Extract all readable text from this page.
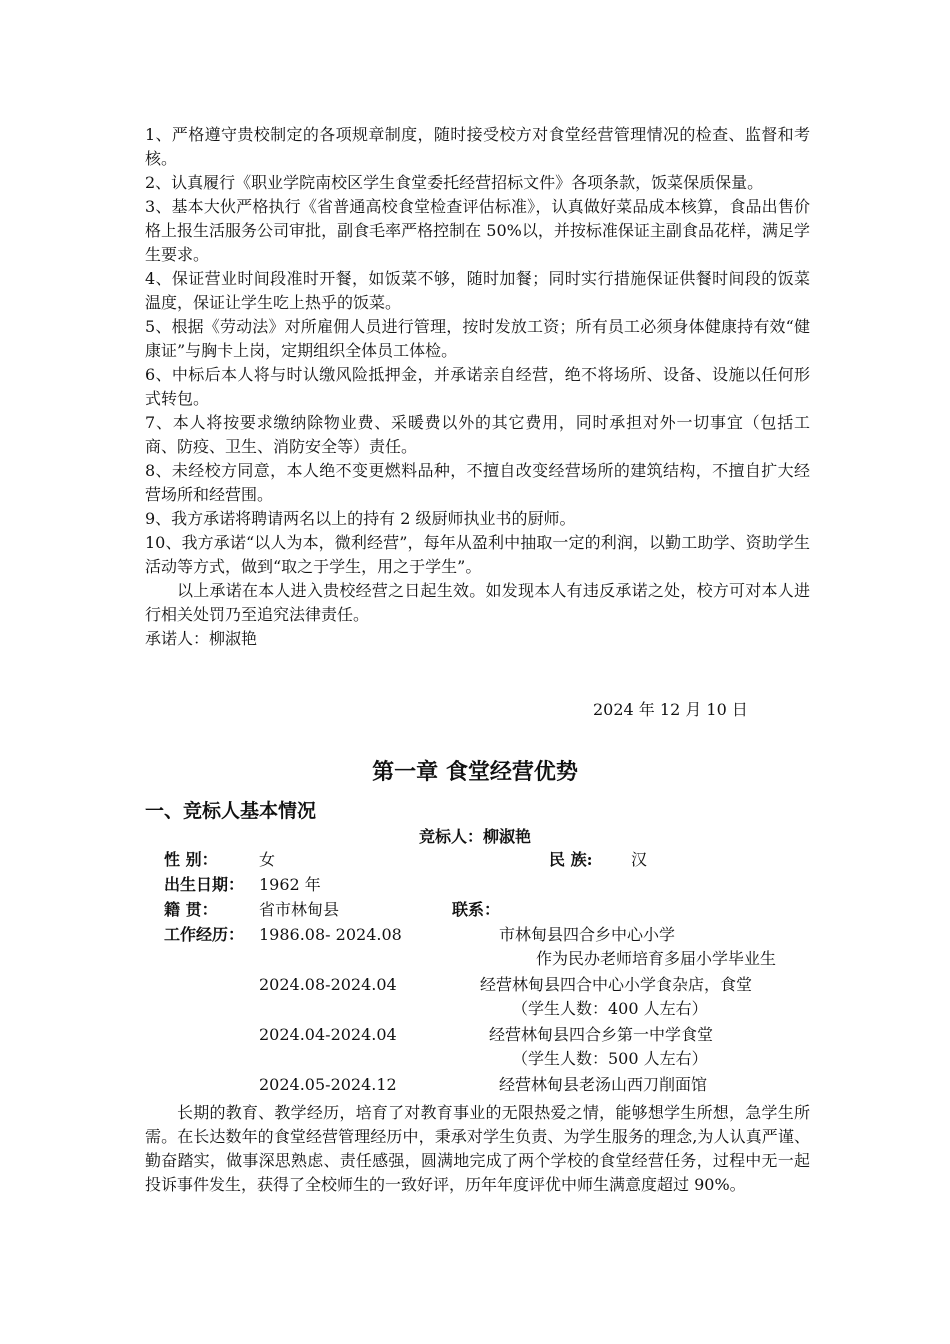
1、严格遵守贵校制定的各项规章制度，随时接受校方对食堂经营管理情况的检查、监督和考核。

2、认真履行《职业学院南校区学生食堂委托经营招标文件》各项条款，饭菜保质保量。

3、基本大伙严格执行《省普通高校食堂检查评估标准》，认真做好菜品成本核算，食品出售价格上报生活服务公司审批，副食毛率严格控制在 50%以，并按标准保证主副食品花样，满足学生要求。

4、保证营业时间段准时开餐，如饭菜不够，随时加餐；同时实行措施保证供餐时间段的饭菜温度，保证让学生吃上热乎的饭菜。

5、根据《劳动法》对所雇佣人员进行管理，按时发放工资；所有员工必须身体健康持有效“健康证”与胸卡上岗，定期组织全体员工体检。

6、中标后本人将与时认缴风险抵押金，并承诺亲自经营，绝不将场所、设备、设施以任何形式转包。

7、本人将按要求缴纳除物业费、采暖费以外的其它费用，同时承担对外一切事宜（包括工商、防疫、卫生、消防安全等）责任。

8、未经校方同意，本人绝不变更燃料品种，不擅自改变经营场所的建筑结构，不擅自扩大经营场所和经营围。

9、我方承诺将聘请两名以上的持有 2 级厨师执业书的厨师。

10、我方承诺“以人为本，微利经营”，每年从盈利中抽取一定的利润，以勤工助学、资助学生活动等方式，做到“取之于学生，用之于学生”。

以上承诺在本人进入贵校经营之日起生效。如发现本人有违反承诺之处，校方可对本人进行相关处罚乃至追究法律责任。

承诺人：柳淑艳

2024 年 12 月 10 日
第一章 食堂经营优势
一、竞标人基本情况
竞标人：柳淑艳
性 别：	女	民 族: 汉
出生日期： 1962 年
籍 贯：	省市林甸县	联系：
工作经历： 1986.08- 2024.08	市林甸县四合乡中心小学
作为民办老师培育多届小学毕业生
2024.08-2024.04	经营林甸县四合中心小学食杂店，食堂
（学生人数：400 人左右）
2024.04-2024.04	经营林甸县四合乡第一中学食堂
（学生人数：500 人左右）
2024.05-2024.12	经营林甸县老汤山西刀削面馆

长期的教育、教学经历，培育了对教育事业的无限热爱之情，能够想学生所想，急学生所需。在长达数年的食堂经营管理经历中，秉承对学生负责、为学生服务的理念,为人认真严谨、勤奋踏实，做事深思熟虑、责任感强，圆满地完成了两个学校的食堂经营任务，过程中无一起投诉事件发生，获得了全校师生的一致好评，历年年度评优中师生满意度超过 90%。
